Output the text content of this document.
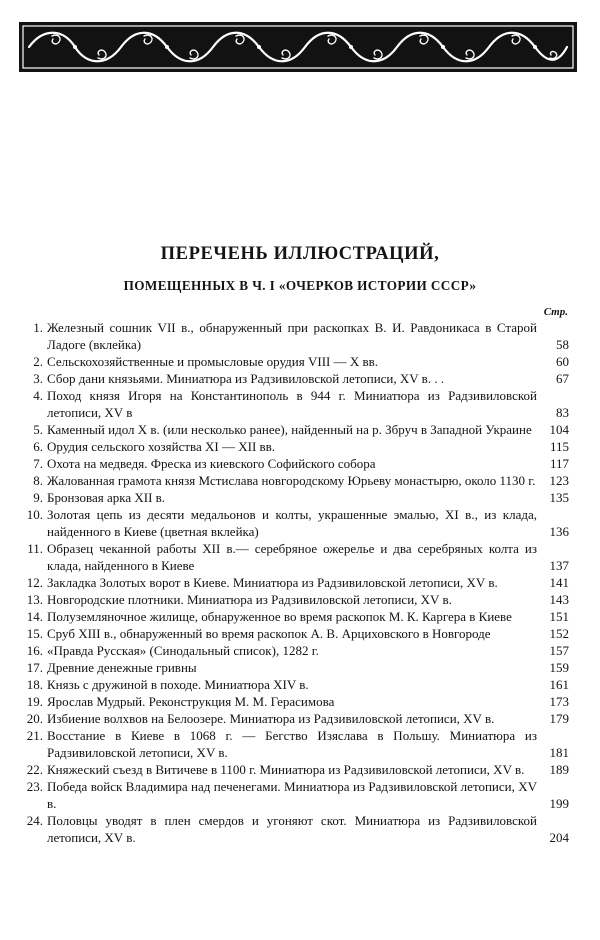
ПЕРЕЧЕНЬ ИЛЛЮСТРАЦИЙ,
ПОМЕЩЕННЫХ В Ч. I «ОЧЕРКОВ ИСТОРИИ СССР»
Стр.
1. Железный сошник VII в., обнаруженный при раскопках В. И. Равдоникаса в Старой Ладоге (вклейка)	58
2. Сельскохозяйственные и промысловые орудия VIII — X вв.	60
3. Сбор дани князьями. Миниатюра из Радзивиловской летописи, XV в. . .	67
4. Поход князя Игоря на Константинополь в 944 г. Миниатюра из Радзивиловской летописи, XV в	83
5. Каменный идол X в. (или несколько ранее), найденный на р. Збруч в Западной Украине	104
6. Орудия сельского хозяйства XI — XII вв.	115
7. Охота на медведя. Фреска из киевского Софийского собора	117
8. Жалованная грамота князя Мстислава новгородскому Юрьеву монастырю, около 1130 г.	123
9. Бронзовая арка XII в.	135
10. Золотая цепь из десяти медальонов и колты, украшенные эмалью, XI в., из клада, найденного в Киеве (цветная вклейка)	136
11. Образец чеканной работы XII в.— серебряное ожерелье и два серебряных колта из клада, найденного в Киеве	137
12. Закладка Золотых ворот в Киеве. Миниатюра из Радзивиловской летописи, XV в.	141
13. Новгородские плотники. Миниатюра из Радзивиловской летописи, XV в.	143
14. Полуземляночное жилище, обнаруженное во время раскопок М. К. Каргера в Киеве	151
15. Сруб XIII в., обнаруженный во время раскопок А. В. Арциховского в Новгороде	152
16. «Правда Русская» (Синодальный список), 1282 г.	157
17. Древние денежные гривны	159
18. Князь с дружиной в походе. Миниатюра XIV в.	161
19. Ярослав Мудрый. Реконструкция М. М. Герасимова	173
20. Избиение волхвов на Белоозере. Миниатюра из Радзивиловской летописи, XV в.	179
21. Восстание в Киеве в 1068 г. — Бегство Изяслава в Польшу. Миниатюра из Радзивиловской летописи, XV в.	181
22. Княжеский съезд в Витичеве в 1100 г. Миниатюра из Радзивиловской летописи, XV в.	189
23. Победа войск Владимира над печенегами. Миниатюра из Радзивиловской летописи, XV в.	199
24. Половцы уводят в плен смердов и угоняют скот. Миниатюра из Радзивиловской летописи, XV в.	204
